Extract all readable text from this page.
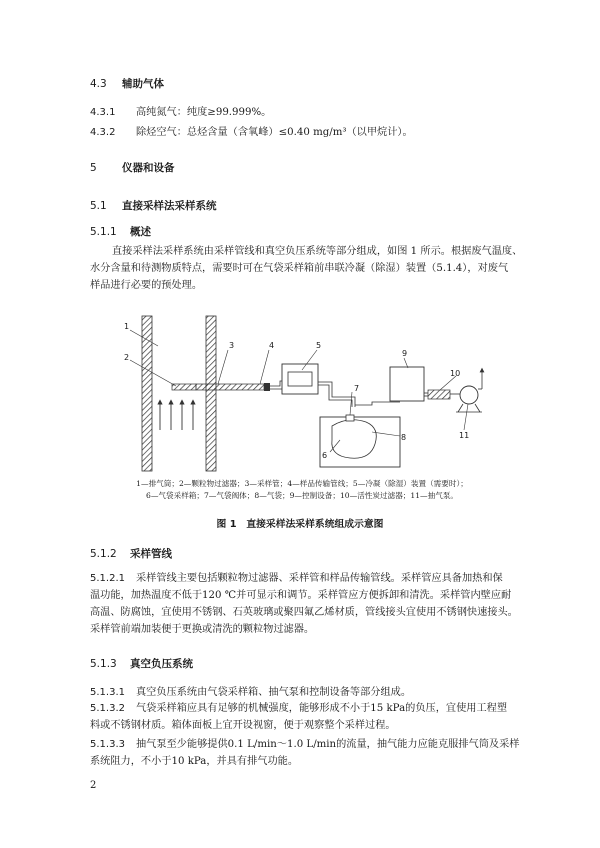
4.3 辅助气体
4.3.1 高纯氮气：纯度≥99.999%。
4.3.2 除烃空气：总烃含量（含氧峰）≤0.40 mg/m³（以甲烷计）。
5 仪器和设备
5.1 直接采样法采样系统
5.1.1 概述
直接采样法采样系统由采样管线和真空负压系统等部分组成，如图 1 所示。根据废气温度、
水分含量和待测物质特点，需要时可在气袋采样箱前串联冷凝（除湿）装置（5.1.4），对废气
样品进行必要的预处理。
1
2
3	4	5
6
7
8
9
10
11
1—排气筒；2—颗粒物过滤器；3—采样管；4—样品传输管线；5—冷凝（除湿）装置（需要时）；
6—气袋采样箱；7—气袋阀体；8—气袋；9—控制设备；10—活性炭过滤器；11—抽气泵。
图 1　直接采样法采样系统组成示意图
5.1.2 采样管线
5.1.2.1 采样管线主要包括颗粒物过滤器、采样管和样品传输管线。采样管应具备加热和保
温功能，加热温度不低于120 ℃并可显示和调节。采样管应方便拆卸和清洗。采样管内壁应耐
高温、防腐蚀，宜使用不锈钢、石英玻璃或聚四氟乙烯材质，管线接头宜使用不锈钢快速接头。
采样管前端加装便于更换或清洗的颗粒物过滤器。
5.1.3 真空负压系统
5.1.3.1 真空负压系统由气袋采样箱、抽气泵和控制设备等部分组成。
5.1.3.2 气袋采样箱应具有足够的机械强度，能够形成不小于15 kPa的负压，宜使用工程塑
料或不锈钢材质。箱体面板上宜开设视窗，便于观察整个采样过程。
5.1.3.3 抽气泵至少能够提供0.1 L/min～1.0 L/min的流量，抽气能力应能克服排气筒及采样
系统阻力，不小于10 kPa，并具有排气功能。
2
